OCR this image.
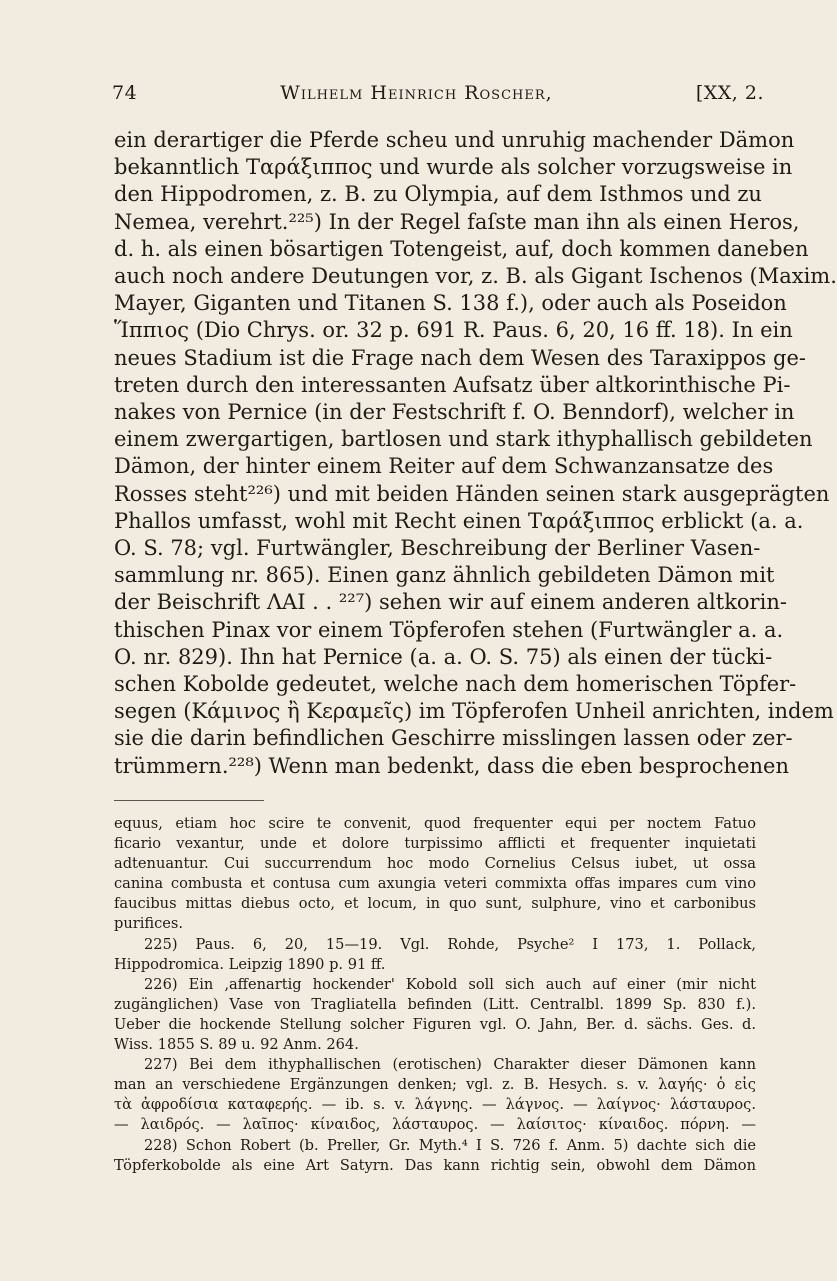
74	Wilhelm Heinrich Roscher,	[XX, 2.

ein derartiger die Pferde scheu und unruhig machender Dämon

bekanntlich Ταράξιππος und wurde als solcher vorzugsweise in

den Hippodromen, z. B. zu Olympia, auf dem Isthmos und zu

Nemea, verehrt.²²⁵) In der Regel faſste man ihn als einen Heros,

d. h. als einen bösartigen Totengeist, auf, doch kommen daneben

auch noch andere Deutungen vor, z. B. als Gigant Ischenos (Maxim.

Mayer, Giganten und Titanen S. 138 f.), oder auch als Poseidon

Ἵππιος (Dio Chrys. or. 32 p. 691 R. Paus. 6, 20, 16 ff. 18). In ein

neues Stadium ist die Frage nach dem Wesen des Taraxippos ge-

treten durch den interessanten Aufsatz über altkorinthische Pi-

nakes von Pernice (in der Festschrift f. O. Benndorf), welcher in

einem zwergartigen, bartlosen und stark ithyphallisch gebildeten

Dämon, der hinter einem Reiter auf dem Schwanzansatze des

Rosses steht²²⁶) und mit beiden Händen seinen stark ausgeprägten

Phallos umfasst, wohl mit Recht einen Ταράξιππος erblickt (a. a.

O. S. 78; vgl. Furtwängler, Beschreibung der Berliner Vasen-

sammlung nr. 865). Einen ganz ähnlich gebildeten Dämon mit

der Beischrift ΛΑΙ . . ²²⁷) sehen wir auf einem anderen altkorin-

thischen Pinax vor einem Töpferofen stehen (Furtwängler a. a.

O. nr. 829). Ihn hat Pernice (a. a. O. S. 75) als einen der tücki-

schen Kobolde gedeutet, welche nach dem homerischen Töpfer-

segen (Κάμινος ἢ Κεραμεῖς) im Töpferofen Unheil anrichten, indem

sie die darin befindlichen Geschirre misslingen lassen oder zer-

trümmern.²²⁸) Wenn man bedenkt, dass die eben besprochenen

equus, etiam hoc scire te convenit, quod frequenter equi per noctem Fatuo

ficario vexantur, unde et dolore turpissimo afflicti et frequenter inquietati

adtenuantur. Cui succurrendum hoc modo Cornelius Celsus iubet, ut ossa

canina combusta et contusa cum axungia veteri commixta offas impares cum vino

faucibus mittas diebus octo, et locum, in quo sunt, sulphure, vino et carbonibus

purifices.

225) Paus. 6, 20, 15—19. Vgl. Rohde, Psyche² I 173, 1. Pollack,

Hippodromica. Leipzig 1890 p. 91 ff.

226) Ein ‚affenartig hockender' Kobold soll sich auch auf einer (mir nicht

zugänglichen) Vase von Tragliatella befinden (Litt. Centralbl. 1899 Sp. 830 f.).

Ueber die hockende Stellung solcher Figuren vgl. O. Jahn, Ber. d. sächs. Ges. d.

Wiss. 1855 S. 89 u. 92 Anm. 264.

227) Bei dem ithyphallischen (erotischen) Charakter dieser Dämonen kann

man an verschiedene Ergänzungen denken; vgl. z. B. Hesych. s. v. λαγής· ὁ εἰς

τὰ ἀφροδίσια καταφερής. — ib. s. v. λάγνης. — λάγνος. — λαίγνος· λάσταυρος.

— λαιδρός. — λαῖπος· κίναιδος, λάσταυρος. — λαίσιτος· κίναιδος. πόρνη. —

228) Schon Robert (b. Preller, Gr. Myth.⁴ I S. 726 f. Anm. 5) dachte sich die

Töpferkobolde als eine Art Satyrn. Das kann richtig sein, obwohl dem Dämon
